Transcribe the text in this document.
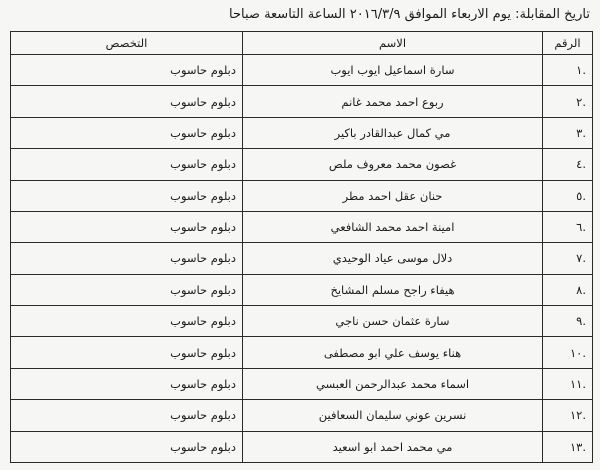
تاريخ المقابلة: يوم الاربعاء الموافق ٢٠١٦/٣/٩ الساعة التاسعة صباحا
الرقم	الاسم	التخصص
.١	سارة اسماعيل ايوب ايوب	دبلوم حاسوب
.٢	ربوع احمد محمد غانم	دبلوم حاسوب
.٣	مي كمال عبدالقادر باكير	دبلوم حاسوب
.٤	غصون محمد معروف ملص	دبلوم حاسوب
.٥	حنان عقل احمد مطر	دبلوم حاسوب
.٦	امينة احمد محمد الشافعي	دبلوم حاسوب
.٧	دلال موسى عياد الوحيدي	دبلوم حاسوب
.٨	هيفاء راجح مسلم المشايخ	دبلوم حاسوب
.٩	سارة عثمان حسن ناجي	دبلوم حاسوب
.١٠	هناء يوسف علي ابو مصطفى	دبلوم حاسوب
.١١	اسماء محمد عبدالرحمن العبسي	دبلوم حاسوب
.١٢	نسرين عوني سليمان السعافين	دبلوم حاسوب
.١٣	مي محمد احمد ابو اسعيد	دبلوم حاسوب
